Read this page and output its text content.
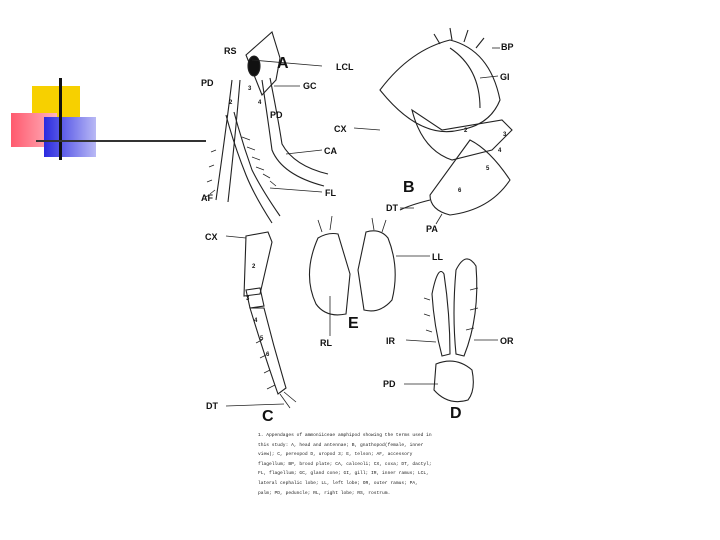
3
4
2
2
3
4
5
6
2
3
4
5
6
A
B
C	D
E
RS
PD
LCL
GC
PD
CA
FL
AF
BP
GI
CX
DT
PA
CX
DT
LL
RL	IR	OR
PD

1. Appendages of ammoniiceae amphipod showing the terms used in

this study: A, head and antennae; B, gnathopod(female, inner

view); C, pereopod D, uropod 3; E, telson; AF, accessory

flagellum; BP, brood plate; CA, calceoli; CX, coxa; DT, dactyl;

FL, flagellum; GC, gland cone; GI, gill; IR, inner ramus; LCL,

lateral cephalic lobe; LL, left lobe; OR, outer ramus; PA,

palm; PD, peduncle; RL, right lobe; RS, rostrum.
